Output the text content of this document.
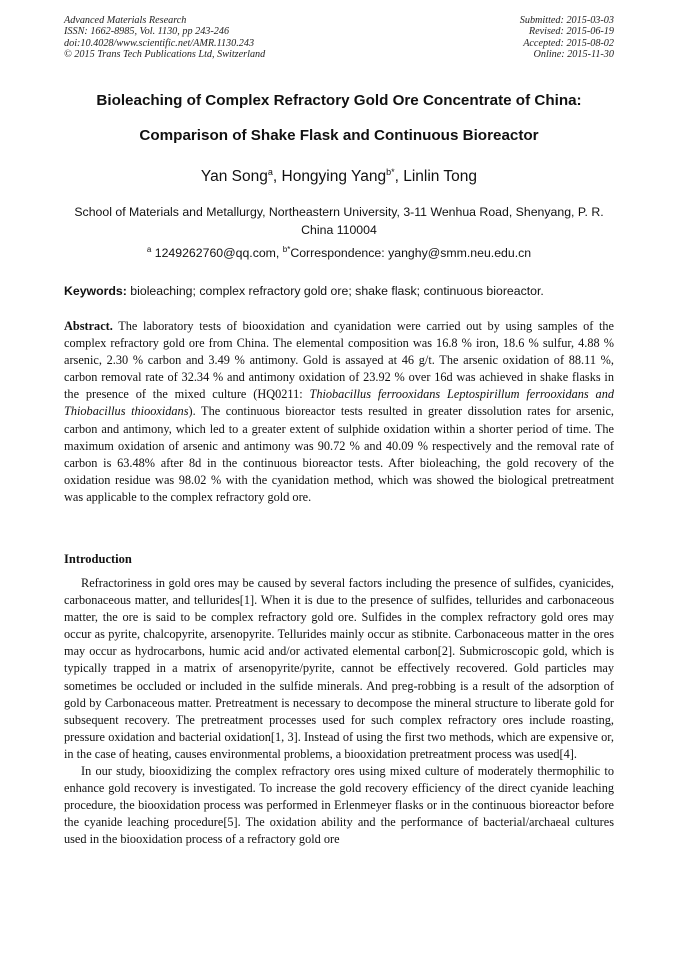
Advanced Materials Research
ISSN: 1662-8985, Vol. 1130, pp 243-246
doi:10.4028/www.scientific.net/AMR.1130.243
© 2015 Trans Tech Publications Ltd, Switzerland
Submitted: 2015-03-03
Revised: 2015-06-19
Accepted: 2015-08-02
Online: 2015-11-30
Bioleaching of Complex Refractory Gold Ore Concentrate of China:
Comparison of Shake Flask and Continuous Bioreactor
Yan Song$^a$, Hongying Yang$^{b*}$, Linlin Tong
School of Materials and Metallurgy, Northeastern University, 3-11 Wenhua Road, Shenyang, P. R. China 110004
$^a$ 1249262760@qq.com, $^{b*}$Correspondence: yanghy@smm.neu.edu.cn
Keywords: bioleaching; complex refractory gold ore; shake flask; continuous bioreactor.

Abstract. The laboratory tests of biooxidation and cyanidation were carried out by using samples of the complex refractory gold ore from China. The elemental composition was 16.8 % iron, 18.6 % sulfur, 4.88 % arsenic, 2.30 % carbon and 3.49 % antimony. Gold is assayed at 46 g/t. The arsenic oxidation of 88.11 %, carbon removal rate of 32.34 % and antimony oxidation of 23.92 % over 16d was achieved in shake flasks in the presence of the mixed culture (HQ0211: Thiobacillus ferrooxidans Leptospirillum ferrooxidans and Thiobacillus thiooxidans). The continuous bioreactor tests resulted in greater dissolution rates for arsenic, carbon and antimony, which led to a greater extent of sulphide oxidation within a shorter period of time. The maximum oxidation of arsenic and antimony was 90.72 % and 40.09 % respectively and the removal rate of carbon is 63.48% after 8d in the continuous bioreactor tests. After bioleaching, the gold recovery of the oxidation residue was 98.02 % with the cyanidation method, which was showed the biological pretreatment was applicable to the complex refractory gold ore.

Introduction

Refractoriness in gold ores may be caused by several factors including the presence of sulfides, cyanicides, carbonaceous matter, and tellurides[1]. When it is due to the presence of sulfides, tellurides and carbonaceous matter, the ore is said to be complex refractory gold ore. Sulfides in the complex refractory gold ores may occur as pyrite, chalcopyrite, arsenopyrite. Tellurides mainly occur as stibnite. Carbonaceous matter in the ores may occur as hydrocarbons, humic acid and/or activated elemental carbon[2]. Submicroscopic gold, which is typically trapped in a matrix of arsenopyrite/pyrite, cannot be effectively recovered. Gold particles may sometimes be occluded or included in the sulfide minerals. And preg-robbing is a result of the adsorption of gold by Carbonaceous matter. Pretreatment is necessary to decompose the mineral structure to liberate gold for subsequent recovery. The pretreatment processes used for such complex refractory ores include roasting, pressure oxidation and bacterial oxidation[1, 3]. Instead of using the first two methods, which are expensive or, in the case of heating, causes environmental problems, a biooxidation pretreatment process was used[4].

In our study, biooxidizing the complex refractory ores using mixed culture of moderately thermophilic to enhance gold recovery is investigated. To increase the gold recovery efficiency of the direct cyanide leaching procedure, the biooxidation process was performed in Erlenmeyer flasks or in the continuous bioreactor before the cyanide leaching procedure[5]. The oxidation ability and the performance of bacterial/archaeal cultures used in the biooxidation process of a refractory gold ore
